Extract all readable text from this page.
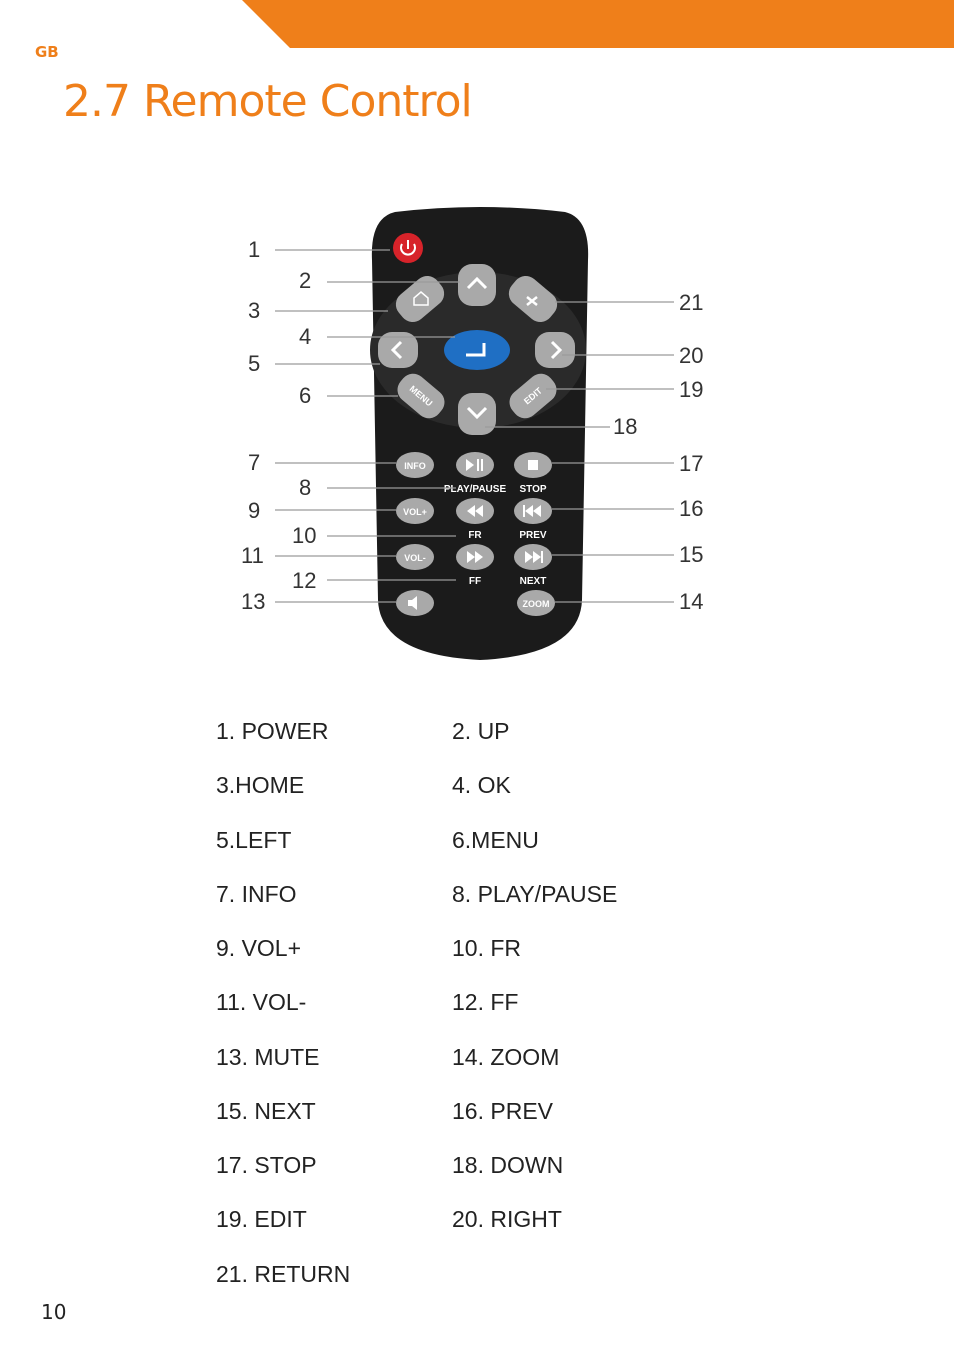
GB
2.7 Remote Control
MENU	EDIT
INFO
PLAY/PAUSE STOP
VOL+
FR	PREV
VOL-
FF	NEXT
ZOOM
1
2
3
4
5
6
7
8
9
10
11
12
13	14
15
16
17
18
19
20
21
1. POWER	2. UP
3.HOME	4. OK
5.LEFT	6.MENU
7. INFO	8. PLAY/PAUSE
9. VOL+	10. FR
11. VOL-	12. FF
13. MUTE	14. ZOOM
15. NEXT	16. PREV
17. STOP	18. DOWN
19. EDIT	20. RIGHT
21. RETURN
10
